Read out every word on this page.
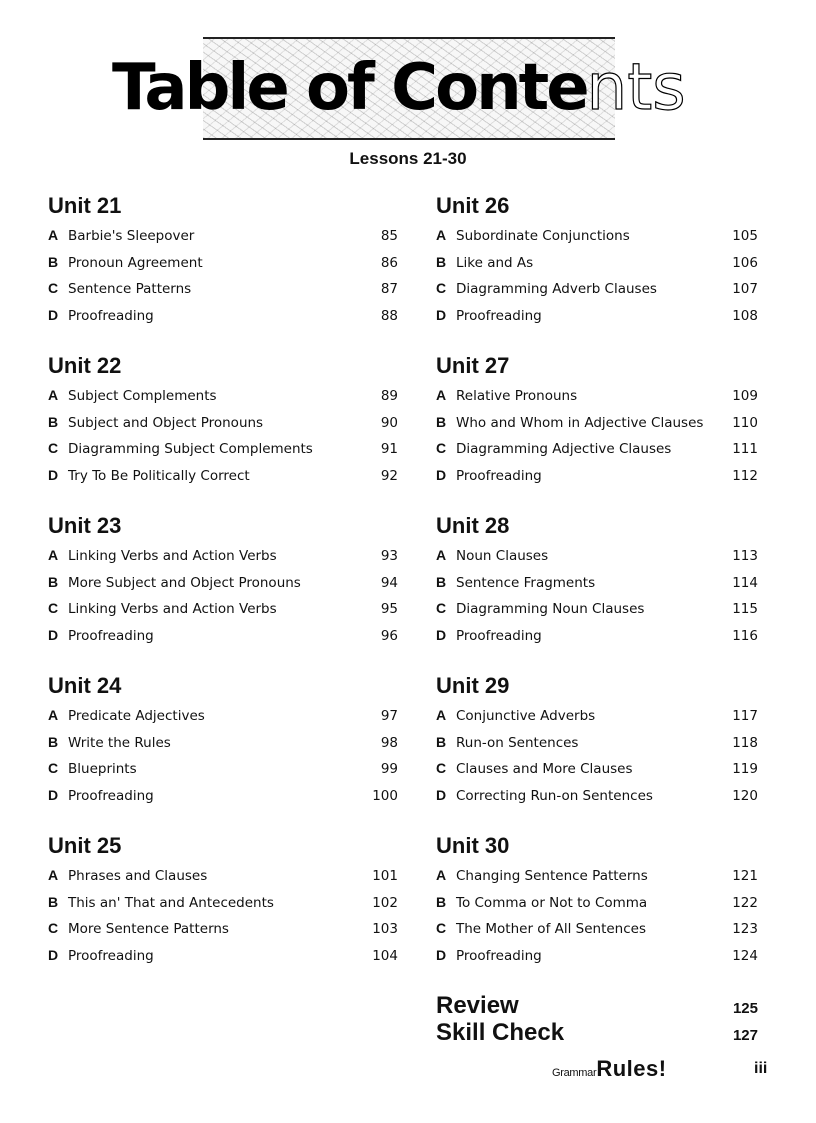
Table of Contents
Lessons 21-30
Unit 21
A Barbie's Sleepover	85
B Pronoun Agreement	86
C Sentence Patterns	87
D Proofreading	88
Unit 22
A Subject Complements	89
B Subject and Object Pronouns	90
C Diagramming Subject Complements	91
D Try To Be Politically Correct	92
Unit 23
A Linking Verbs and Action Verbs	93
B More Subject and Object Pronouns	94
C Linking Verbs and Action Verbs	95
D Proofreading	96
Unit 24
A Predicate Adjectives	97
B Write the Rules	98
C Blueprints	99
D Proofreading	100
Unit 25
A Phrases and Clauses	101
B This an' That and Antecedents	102
C More Sentence Patterns	103
D Proofreading	104
Unit 26
A Subordinate Conjunctions	105
B Like and As	106
C Diagramming Adverb Clauses	107
D Proofreading	108
Unit 27
A Relative Pronouns	109
B Who and Whom in Adjective Clauses	110
C Diagramming Adjective Clauses	111
D Proofreading	112
Unit 28
A Noun Clauses	113
B Sentence Fragments	114
C Diagramming Noun Clauses	115
D Proofreading	116
Unit 29
A Conjunctive Adverbs	117
B Run-on Sentences	118
C Clauses and More Clauses	119
D Correcting Run-on Sentences	120
Unit 30
A Changing Sentence Patterns	121
B To Comma or Not to Comma	122
C The Mother of All Sentences	123
D Proofreading	124
Review	125
Skill Check	127
GrammarRules!	iii
